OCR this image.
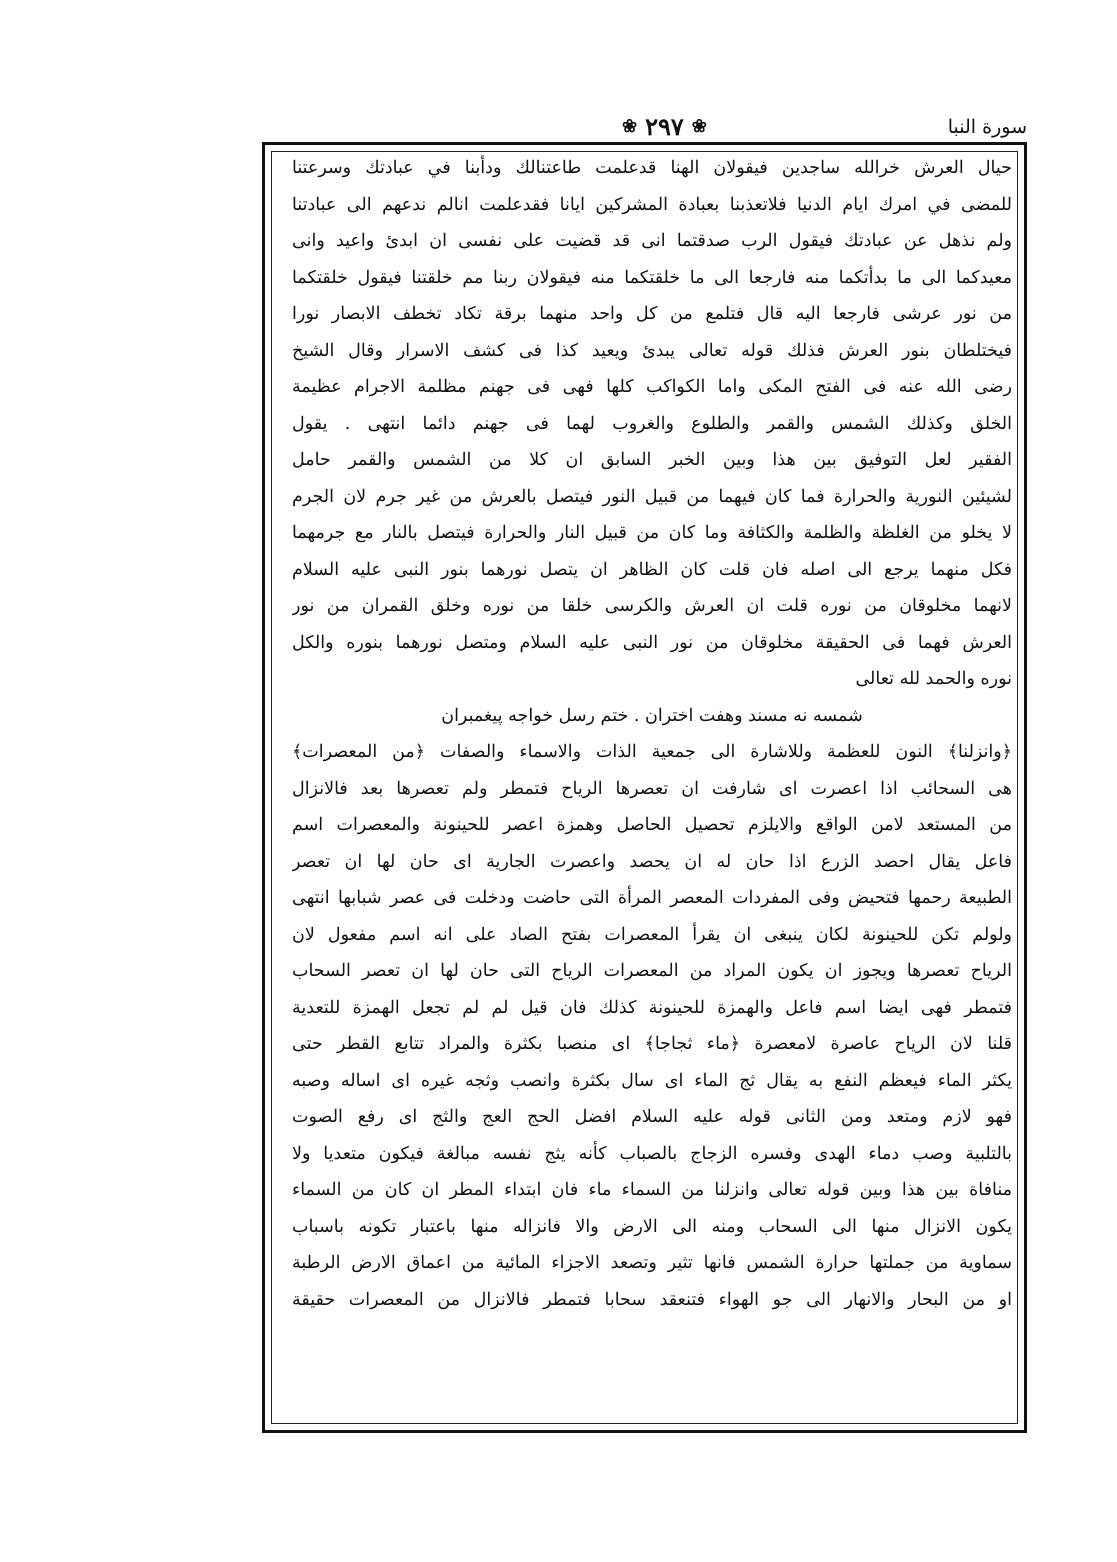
سورة النبا
❀
٢٩٧
❀
حيال العرش خرالله ساجدين فيقولان الهنا قدعلمت طاعتنالك ودأبنا في عبادتك وسرعتنا
للمضى في امرك ايام الدنيا فلاتعذبنا بعبادة المشركين ايانا فقدعلمت انالم ندعهم الى عبادتنا
ولم نذهل عن عبادتك فيقول الرب صدقتما انى قد قضيت على نفسى ان ابدئ واعيد وانى
معيدكما الى ما بدأتكما منه فارجعا الى ما خلقتكما منه فيقولان ربنا مم خلقتنا فيقول خلقتكما
من نور عرشى فارجعا اليه قال فتلمع من كل واحد منهما برقة تكاد تخطف الابصار نورا
فيختلطان بنور العرش فذلك قوله تعالى يبدئ ويعيد كذا فى كشف الاسرار وقال الشيخ
رضى الله عنه فى الفتح المكى واما الكواكب كلها فهى فى جهنم مظلمة الاجرام عظيمة
الخلق وكذلك الشمس والقمر والطلوع والغروب لهما فى جهنم دائما انتهى . يقول
الفقير لعل التوفيق بين هذا وبين الخبر السابق ان كلا من الشمس والقمر حامل
لشيئين النورية والحرارة فما كان فيهما من قبيل النور فيتصل بالعرش من غير جرم لان الجرم
لا يخلو من الغلظة والظلمة والكثافة وما كان من قبيل النار والحرارة فيتصل بالنار مع جرمهما
فكل منهما يرجع الى اصله فان قلت كان الظاهر ان يتصل نورهما بنور النبى عليه السلام
لانهما مخلوقان من نوره قلت ان العرش والكرسى خلقا من نوره وخلق القمران من نور
العرش فهما فى الحقيقة مخلوقان من نور النبى عليه السلام ومتصل نورهما بنوره والكل
نوره والحمد لله تعالى
شمسه نه مسند وهفت اختران . ختم رسل خواجه پيغمبران
﴿وانزلنا﴾ النون للعظمة وللاشارة الى جمعية الذات والاسماء والصفات ﴿من المعصرات﴾
هى السحائب اذا اعصرت اى شارفت ان تعصرها الرياح فتمطر ولم تعصرها بعد فالانزال
من المستعد لامن الواقع والايلزم تحصيل الحاصل وهمزة اعصر للحينونة والمعصرات اسم
فاعل يقال احصد الزرع اذا حان له ان يحصد واعصرت الجارية اى حان لها ان تعصر
الطبيعة رحمها فتحيض وفى المفردات المعصر المرأة التى حاضت ودخلت فى عصر شبابها انتهى
ولولم تكن للحينونة لكان ينبغى ان يقرأ المعصرات بفتح الصاد على انه اسم مفعول لان
الرياح تعصرها ويجوز ان يكون المراد من المعصرات الرياح التى حان لها ان تعصر السحاب
فتمطر فهى ايضا اسم فاعل والهمزة للحينونة كذلك فان قيل لم لم تجعل الهمزة للتعدية
قلنا لان الرياح عاصرة لامعصرة ﴿ماء ثجاجا﴾ اى منصبا بكثرة والمراد تتابع القطر حتى
يكثر الماء فيعظم النفع به يقال ثج الماء اى سال بكثرة وانصب وثجه غيره اى اساله وصبه
فهو لازم ومتعد ومن الثانى قوله عليه السلام افضل الحج العج والثج اى رفع الصوت
بالتلبية وصب دماء الهدى وفسره الزجاج بالصباب كأنه يثج نفسه مبالغة فيكون متعديا ولا
منافاة بين هذا وبين قوله تعالى وانزلنا من السماء ماء فان ابتداء المطر ان كان من السماء
يكون الانزال منها الى السحاب ومنه الى الارض والا فانزاله منها باعتبار تكونه باسباب
سماوية من جملتها حرارة الشمس فانها تثير وتصعد الاجزاء المائية من اعماق الارض الرطبة
او من البحار والانهار الى جو الهواء فتنعقد سحابا فتمطر فالانزال من المعصرات حقيقة
